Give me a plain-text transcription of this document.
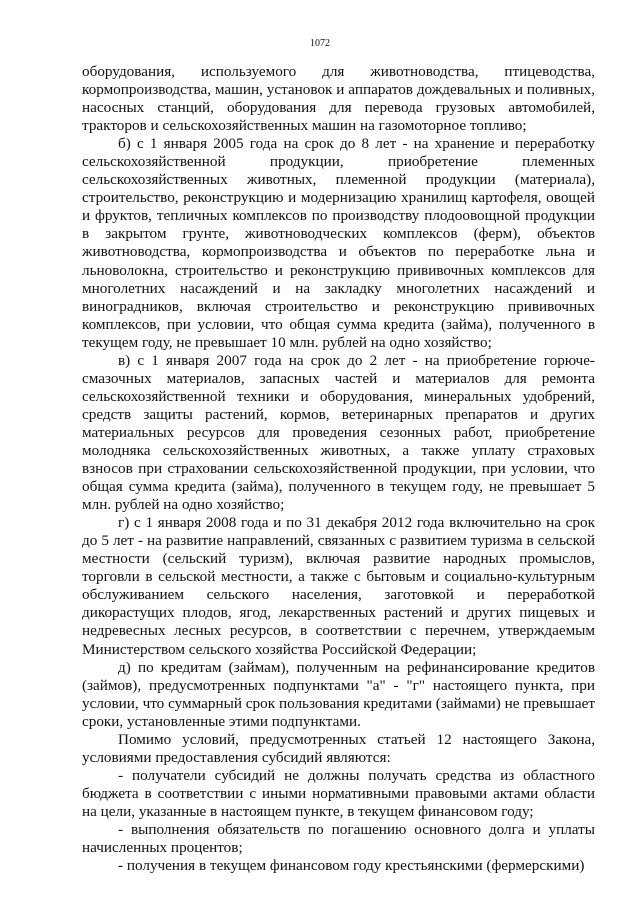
1072

оборудования, используемого для животноводства, птицеводства, кормопроизводства, машин, установок и аппаратов дождевальных и поливных, насосных станций, оборудования для перевода грузовых автомобилей, тракторов и сельскохозяйственных машин на газомоторное топливо;

б) с 1 января 2005 года на срок до 8 лет - на хранение и переработку сельскохозяйственной продукции, приобретение племенных сельскохозяйственных животных, племенной продукции (материала), строительство, реконструкцию и модернизацию хранилищ картофеля, овощей и фруктов, тепличных комплексов по производству плодоовощной продукции в закрытом грунте, животноводческих комплексов (ферм), объектов животноводства, кормопроизводства и объектов по переработке льна и льноволокна, строительство и реконструкцию прививочных комплексов для многолетних насаждений и на закладку многолетних насаждений и виноградников, включая строительство и реконструкцию прививочных комплексов, при условии, что общая сумма кредита (займа), полученного в текущем году, не превышает 10 млн. рублей на одно хозяйство;

в) с 1 января 2007 года на срок до 2 лет - на приобретение горюче-смазочных материалов, запасных частей и материалов для ремонта сельскохозяйственной техники и оборудования, минеральных удобрений, средств защиты растений, кормов, ветеринарных препаратов и других материальных ресурсов для проведения сезонных работ, приобретение молодняка сельскохозяйственных животных, а также уплату страховых взносов при страховании сельскохозяйственной продукции, при условии, что общая сумма кредита (займа), полученного в текущем году, не превышает 5 млн. рублей на одно хозяйство;

г) с 1 января 2008 года и по 31 декабря 2012 года включительно на срок до 5 лет - на развитие направлений, связанных с развитием туризма в сельской местности (сельский туризм), включая развитие народных промыслов, торговли в сельской местности, а также с бытовым и социально-культурным обслуживанием сельского населения, заготовкой и переработкой дикорастущих плодов, ягод, лекарственных растений и других пищевых и недревесных лесных ресурсов, в соответствии с перечнем, утверждаемым Министерством сельского хозяйства Российской Федерации;

д) по кредитам (займам), полученным на рефинансирование кредитов (займов), предусмотренных подпунктами "а" - "г" настоящего пункта, при условии, что суммарный срок пользования кредитами (займами) не превышает сроки, установленные этими подпунктами.

Помимо условий, предусмотренных статьей 12 настоящего Закона, условиями предоставления субсидий являются:

- получатели субсидий не должны получать средства из областного бюджета в соответствии с иными нормативными правовыми актами области на цели, указанные в настоящем пункте, в текущем финансовом году;

- выполнения обязательств по погашению основного долга и уплаты начисленных процентов;

- получения в текущем финансовом году крестьянскими (фермерскими)
